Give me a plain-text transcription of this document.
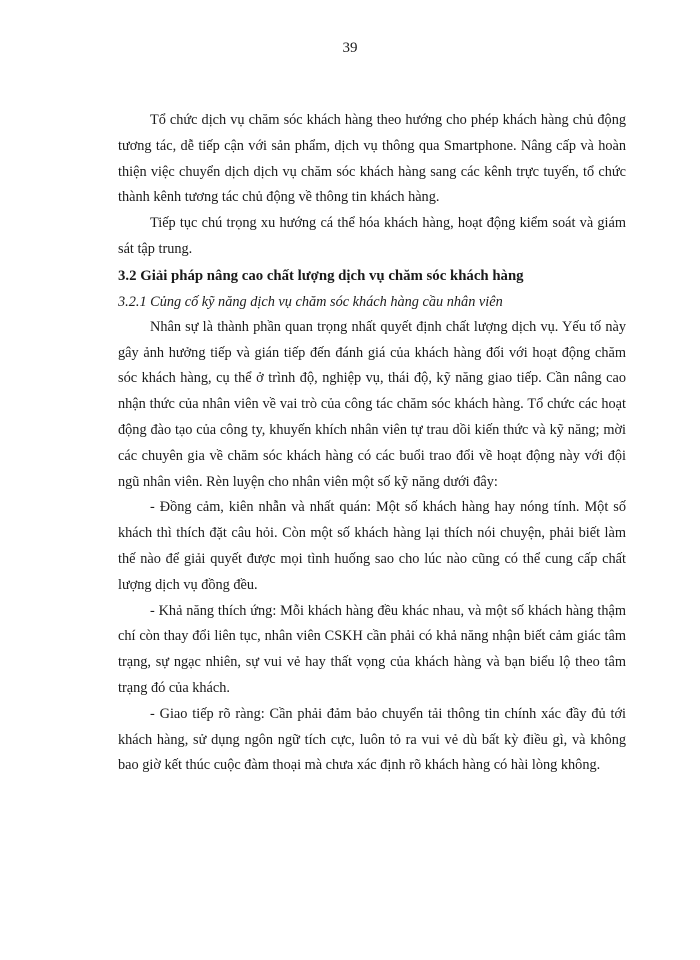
39

Tổ chức dịch vụ chăm sóc khách hàng theo hướng cho phép khách hàng chủ động tương tác, dễ tiếp cận với sản phẩm, dịch vụ thông qua Smartphone. Nâng cấp và hoàn thiện việc chuyển dịch dịch vụ chăm sóc khách hàng sang các kênh trực tuyến, tổ chức thành kênh tương tác chủ động về thông tin khách hàng.

Tiếp tục chú trọng xu hướng cá thể hóa khách hàng, hoạt động kiểm soát và giám sát tập trung.

3.2 Giải pháp nâng cao chất lượng dịch vụ chăm sóc khách hàng
3.2.1 Củng cố kỹ năng dịch vụ chăm sóc khách hàng cầu nhân viên

Nhân sự là thành phần quan trọng nhất quyết định chất lượng dịch vụ. Yếu tố này gây ảnh hưởng tiếp và gián tiếp đến đánh giá của khách hàng đối với hoạt động chăm sóc khách hàng, cụ thể ở trình độ, nghiệp vụ, thái độ, kỹ năng giao tiếp. Cần nâng cao nhận thức của nhân viên về vai trò của công tác chăm sóc khách hàng. Tổ chức các hoạt động đào tạo của công ty, khuyến khích nhân viên tự trau dồi kiến thức và kỹ năng; mời các chuyên gia về chăm sóc khách hàng có các buổi trao đổi về hoạt động này với đội ngũ nhân viên. Rèn luyện cho nhân viên một số kỹ năng dưới đây:

- Đồng cảm, kiên nhẫn và nhất quán: Một số khách hàng hay nóng tính. Một số khách thì thích đặt câu hỏi. Còn một số khách hàng lại thích nói chuyện, phải biết làm thế nào để giải quyết được mọi tình huống sao cho lúc nào cũng có thể cung cấp chất lượng dịch vụ đồng đều.

- Khả năng thích ứng: Mỗi khách hàng đều khác nhau, và một số khách hàng thậm chí còn thay đổi liên tục, nhân viên CSKH cần phải có khả năng nhận biết cảm giác tâm trạng, sự ngạc nhiên, sự vui vẻ hay thất vọng của khách hàng và bạn biểu lộ theo tâm trạng đó của khách.

- Giao tiếp rõ ràng: Cần phải đảm bảo chuyển tải thông tin chính xác đầy đủ tới khách hàng, sử dụng ngôn ngữ tích cực, luôn tỏ ra vui vẻ dù bất kỳ điều gì, và không bao giờ kết thúc cuộc đàm thoại mà chưa xác định rõ khách hàng có hài lòng không.
